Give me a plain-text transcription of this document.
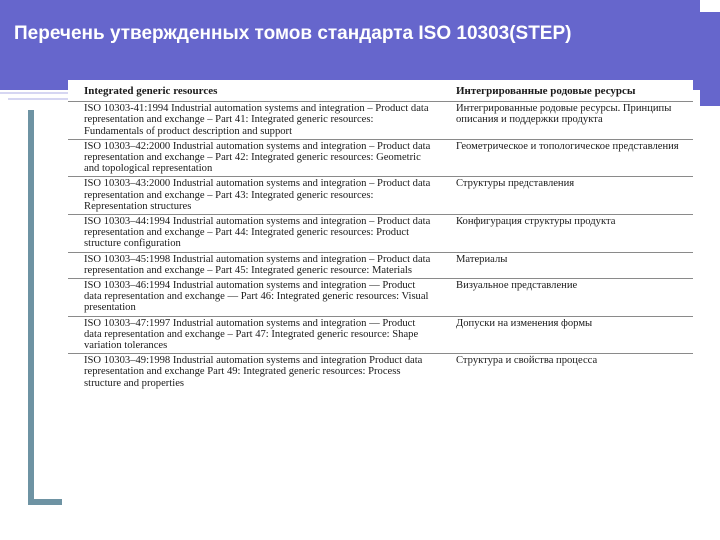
Перечень утвержденных томов стандарта ISO 10303(STEP)
Integrated generic resources	Интегрированные родовые ресурсы
ISO 10303-41:1994 Industrial automation systems and integration – Product data representation and exchange – Part 41: Integrated generic resources: Fundamentals of product description and support	Интегрированные родовые ресурсы. Принципы описания и поддержки продукта
ISO 10303–42:2000 Industrial automation systems and integration – Product data representation and exchange – Part 42: Integrated generic resources: Geometric and topological representation	Геометрическое и топологическое представления
ISO 10303–43:2000 Industrial automation systems and integration – Product data representation and exchange – Part 43: Integrated generic resources: Representation structures	Структуры представления
ISO 10303–44:1994 Industrial automation systems and integration – Product data representation and exchange – Part 44: Integrated generic resources: Product structure configuration	Конфигурация структуры продукта
ISO 10303–45:1998 Industrial automation systems and integration – Product data representation and exchange – Part 45: Integrated generic resource: Materials	Материалы
ISO 10303–46:1994 Industrial automation systems and integration — Product data representation and exchange — Part 46: Integrated generic resources: Visual presentation	Визуальное представление
ISO 10303–47:1997 Industrial automation systems and integration — Product data representation and exchange – Part 47: Integrated generic resource: Shape variation tolerances	Допуски на изменения формы
ISO 10303–49:1998 Industrial automation systems and integration Product data representation and exchange Part 49: Integrated generic resources: Process structure and properties	Структура и свойства процесса
